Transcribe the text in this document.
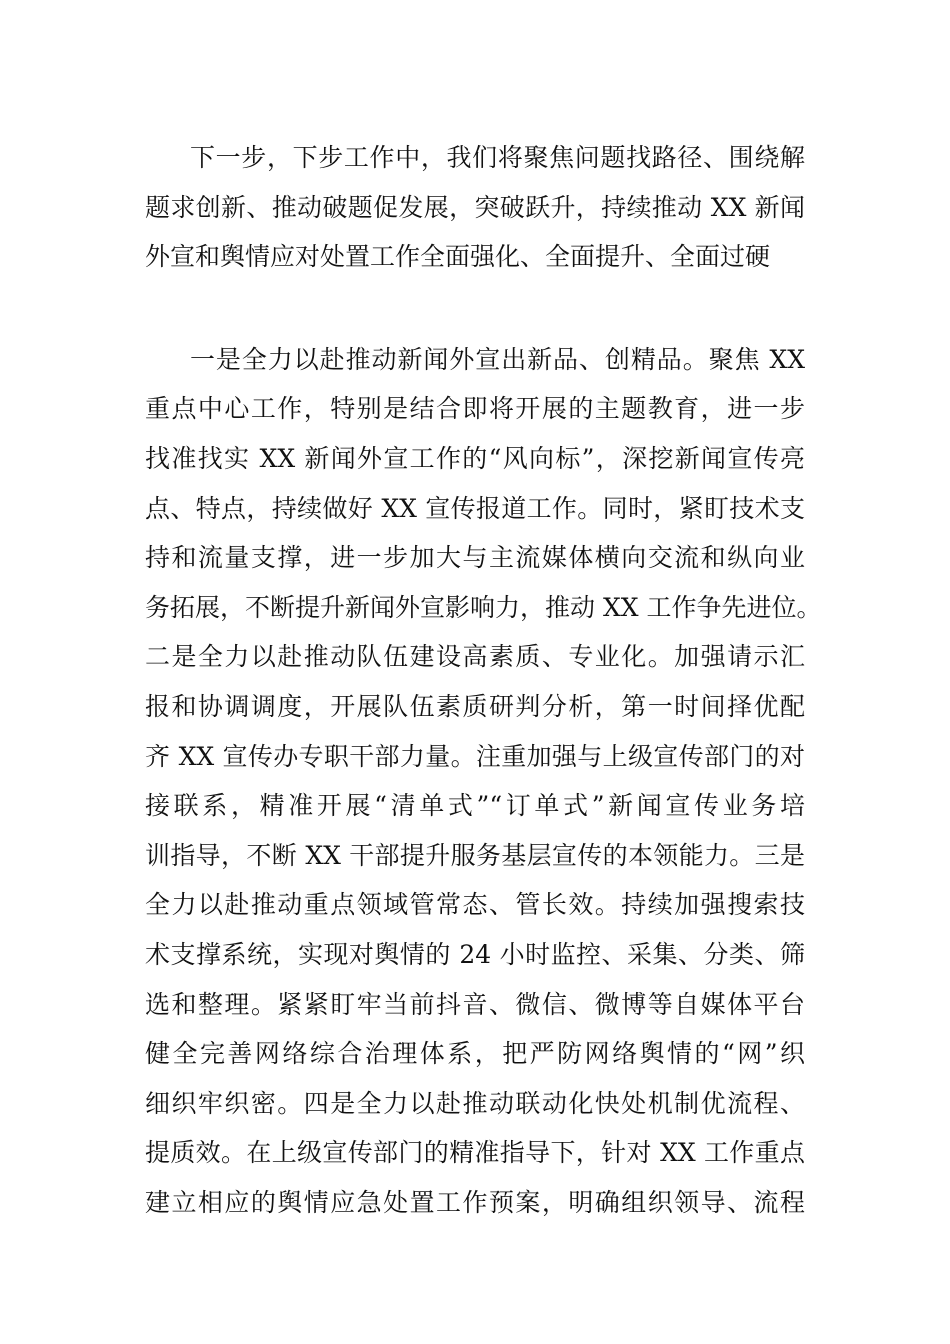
下一步，下步工作中，我们将聚焦问题找路径、围绕解
题求创新、推动破题促发展，突破跃升，持续推动 XX 新闻
外宣和舆情应对处置工作全面强化、全面提升、全面过硬
一是全力以赴推动新闻外宣出新品、创精品。聚焦 XX
重点中心工作，特别是结合即将开展的主题教育，进一步
找准找实 XX 新闻外宣工作的“风向标”，深挖新闻宣传亮
点、特点，持续做好 XX 宣传报道工作。同时，紧盯技术支
持和流量支撑，进一步加大与主流媒体横向交流和纵向业
务拓展，不断提升新闻外宣影响力，推动 XX 工作争先进位。
二是全力以赴推动队伍建设高素质、专业化。加强请示汇
报和协调调度，开展队伍素质研判分析，第一时间择优配
齐 XX 宣传办专职干部力量。注重加强与上级宣传部门的对
接联系，精准开展“清单式”“订单式”新闻宣传业务培
训指导，不断 XX 干部提升服务基层宣传的本领能力。三是
全力以赴推动重点领域管常态、管长效。持续加强搜索技
术支撑系统，实现对舆情的 24 小时监控、采集、分类、筛
选和整理。紧紧盯牢当前抖音、微信、微博等自媒体平台
健全完善网络综合治理体系，把严防网络舆情的“网”织
细织牢织密。四是全力以赴推动联动化快处机制优流程、
提质效。在上级宣传部门的精准指导下，针对 XX 工作重点
建立相应的舆情应急处置工作预案，明确组织领导、流程
